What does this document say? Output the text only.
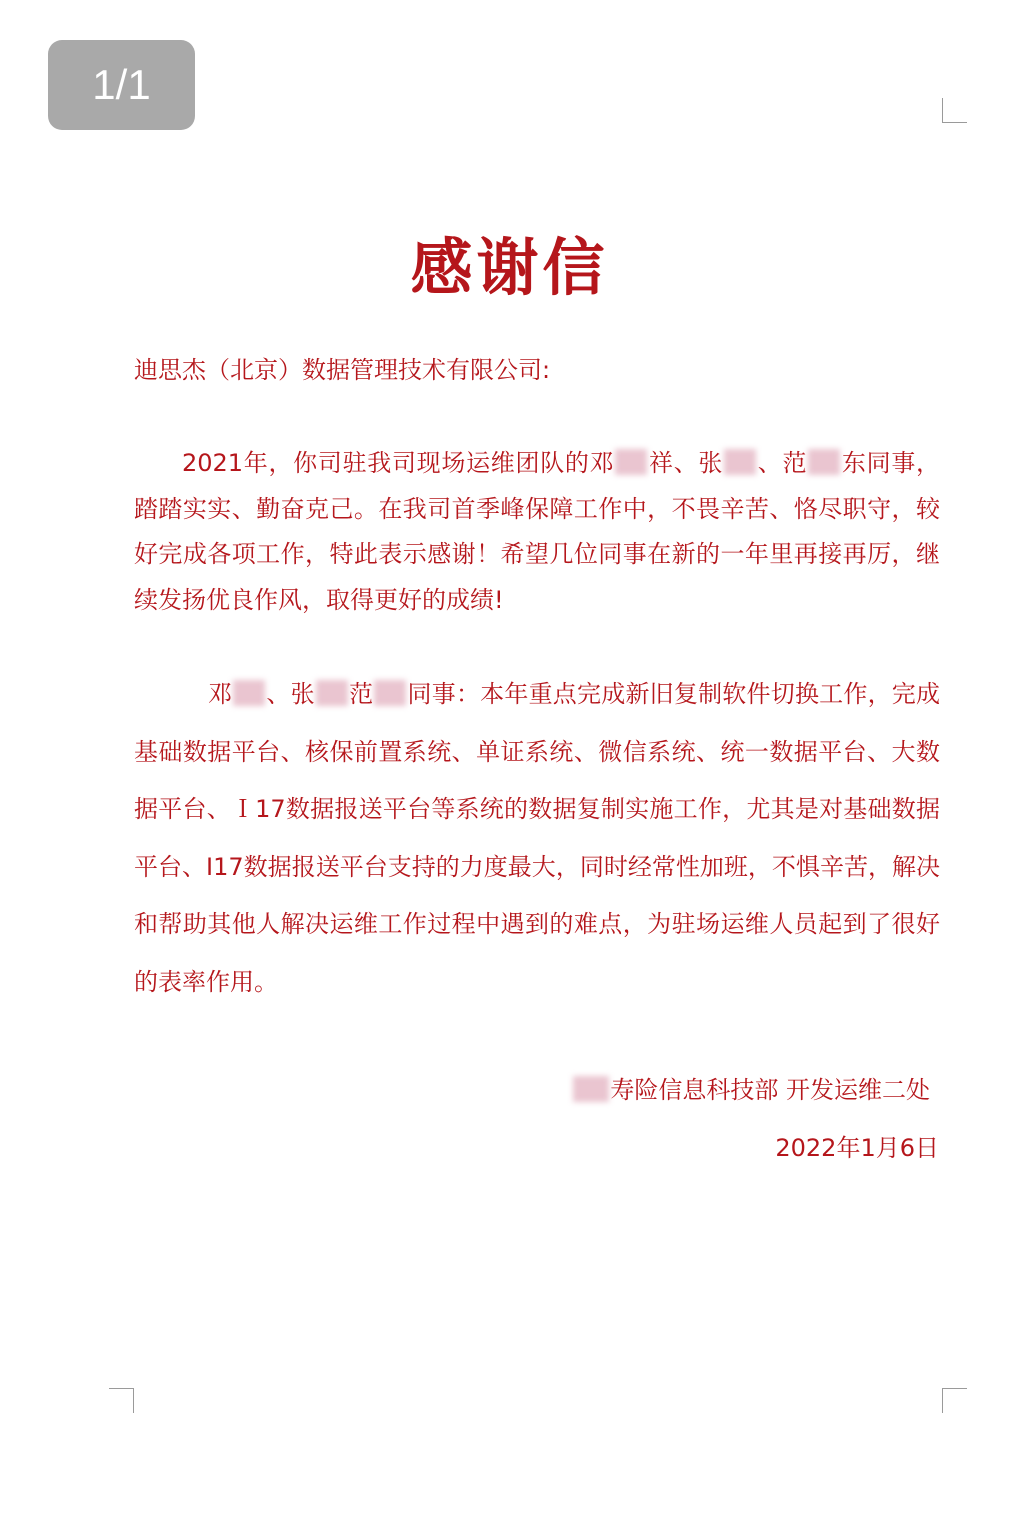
1/1
感谢信
迪思杰（北京）数据管理技术有限公司:
2021年，你司驻我司现场运维团队的邓 祥、张 、范 东同事，踏踏实实、勤奋克己。在我司首季峰保障工作中，不畏辛苦、恪尽职守，较好完成各项工作，特此表示感谢！希望几位同事在新的一年里再接再厉，继续发扬优良作风，取得更好的成绩!
邓 、张 范 同事：本年重点完成新旧复制软件切换工作，完成基础数据平台、核保前置系统、单证系统、微信系统、统一数据平台、大数据平台、Ｉ17数据报送平台等系统的数据复制实施工作，尤其是对基础数据平台、I17数据报送平台支持的力度最大，同时经常性加班，不惧辛苦，解决和帮助其他人解决运维工作过程中遇到的难点，为驻场运维人员起到了很好的表率作用。
寿险信息科技部 开发运维二处
2022年1月6日
